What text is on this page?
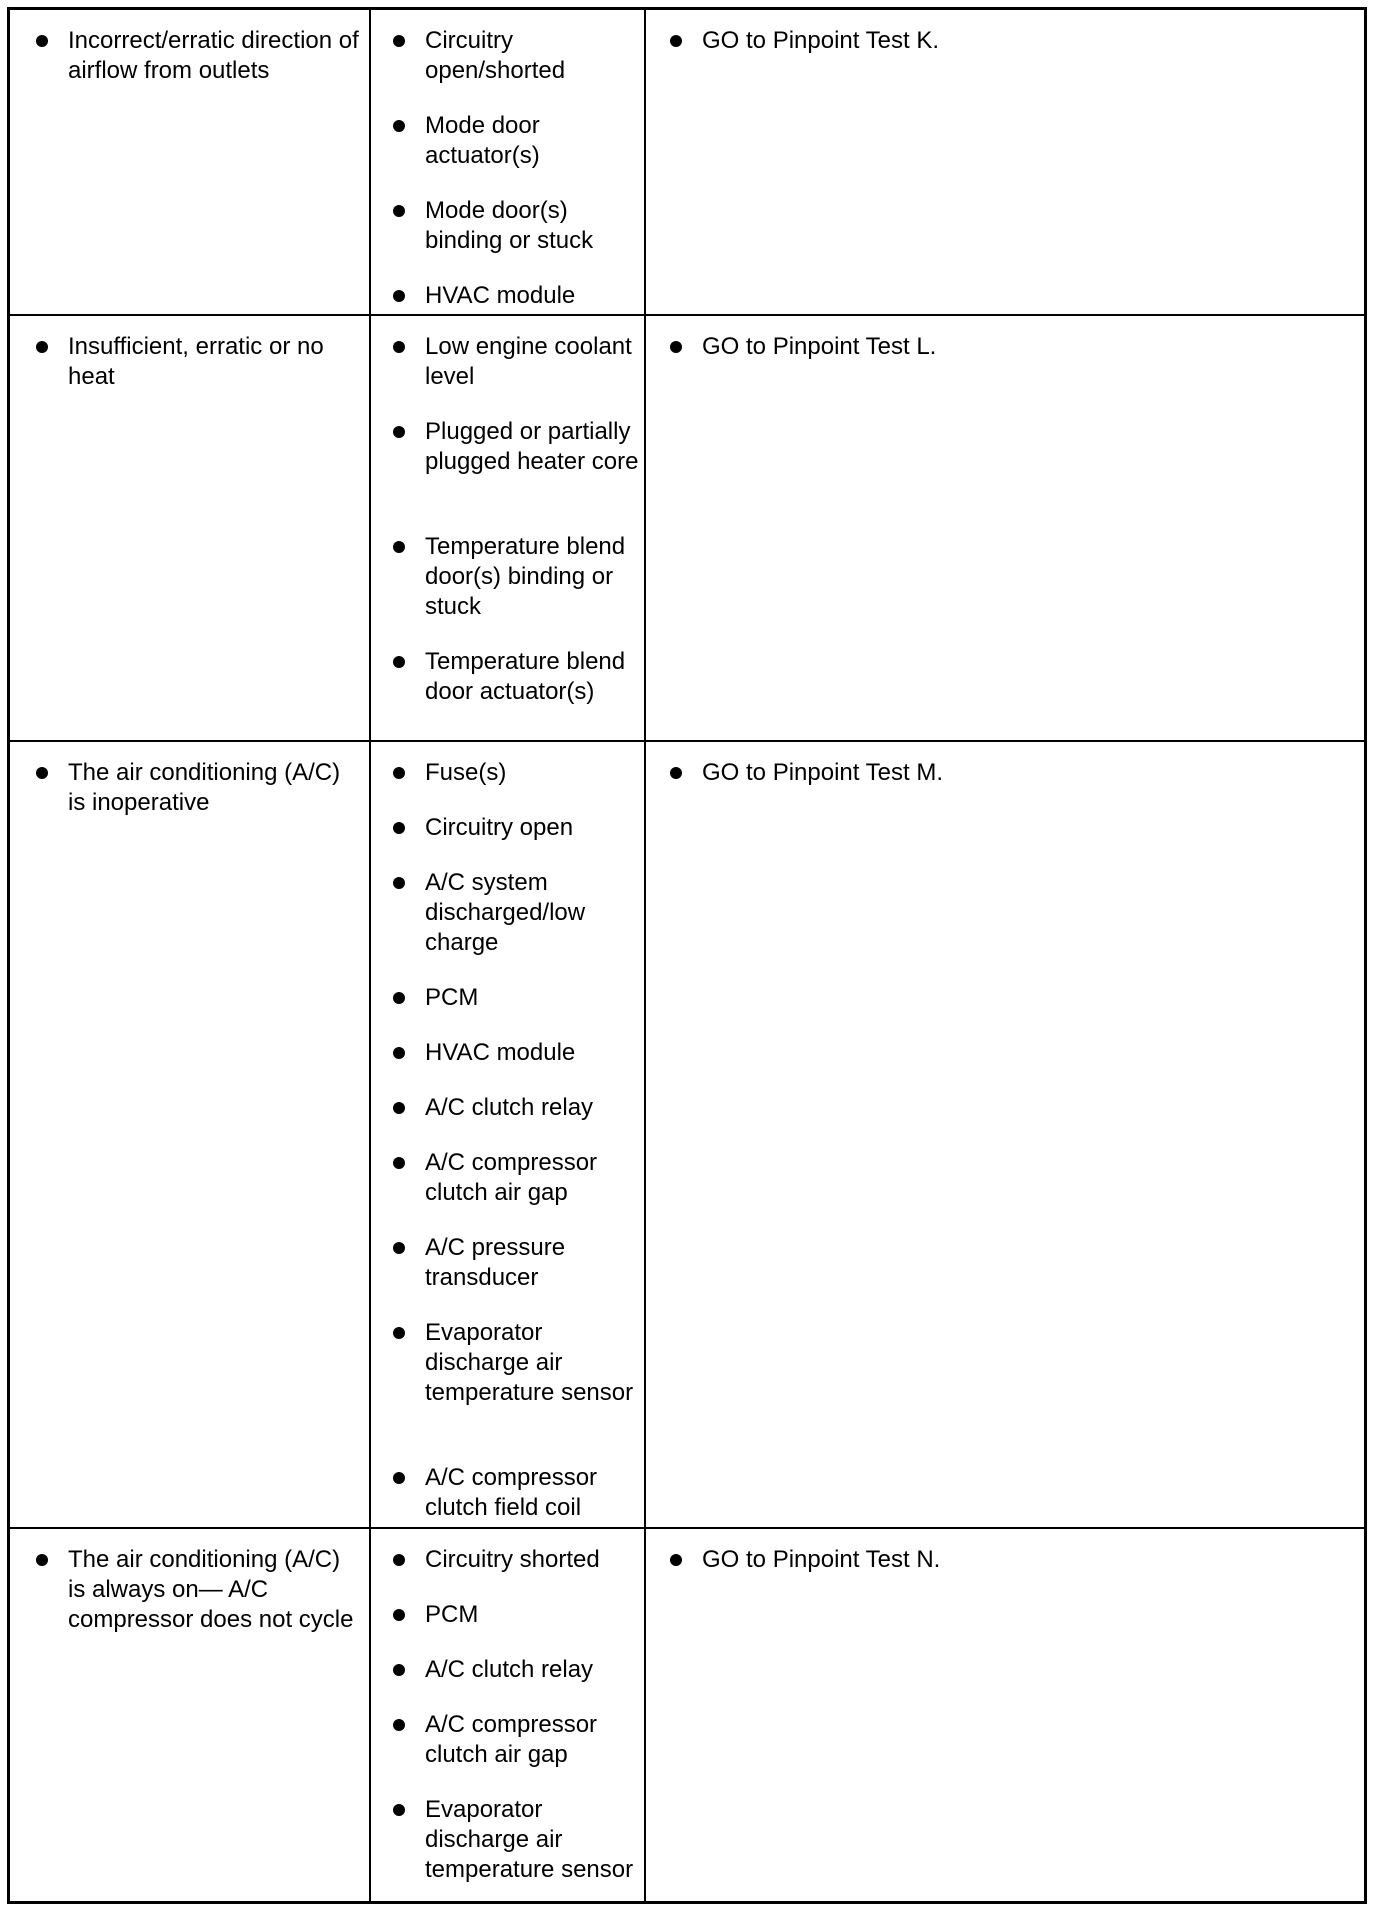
Incorrect/erratic direction of airflow from outlets
Circuitry open/shorted
Mode door actuator(s)
Mode door(s) binding or stuck
HVAC module
GO to Pinpoint Test K.
Insufficient, erratic or no heat
Low engine coolant level
Plugged or partially plugged heater core
Temperature blend door(s) binding or stuck
Temperature blend door actuator(s)
GO to Pinpoint Test L.
The air conditioning (A/C) is inoperative
Fuse(s)
Circuitry open
A/C system discharged/low charge
PCM
HVAC module
A/C clutch relay
A/C compressor clutch air gap
A/C pressure transducer
Evaporator discharge air temperature sensor
A/C compressor clutch field coil
GO to Pinpoint Test M.
The air conditioning (A/C) is always on— A/C compressor does not cycle
Circuitry shorted
PCM
A/C clutch relay
A/C compressor clutch air gap
Evaporator discharge air temperature sensor
GO to Pinpoint Test N.
